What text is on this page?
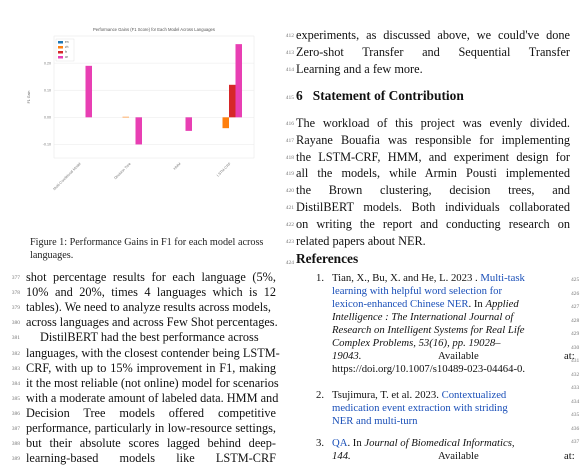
Performance Gains (F1 Score) for Each Model Across Languages
F1 Gain
-0.10
0.00
0.10
0.20
Multi-Conditional Model	Decision Tree	HMM	LSTM-CRF
en
zh
fr
ar
Figure 1: Performance Gains in F1 for each model across languages.
377 shot percentage results for each language (5%,
378 10% and 20%, times 4 languages which is 12
379 tables). We need to analyze results across models,
380 across languages and across Few Shot percentages.
381 DistilBERT had the best performance across
382 languages, with the closest contender being LSTM-
383 CRF, with up to 15% improvement in F1, making
384 it the most reliable (not online) model for scenarios
385 with a moderate amount of labeled data. HMM and
386 Decision Tree models offered competitive
387 performance, particularly in low-resource settings,
388 but their absolute scores lagged behind deep-
389 learning-based models like LSTM-CRF
412 experiments, as discussed above, we could've done
413 Zero-shot Transfer and Sequential Transfer
414 Learning and a few more.
415 6 Statement of Contribution
416 The workload of this project was evenly divided.
417 Rayane Bouafia was responsible for implementing
418 the LSTM-CRF, HMM, and experiment design for
419 all the models, while Armin Pousti implemented
420 the Brown clustering, decision trees, and
421 DistilBERT models. Both individuals collaborated
422 on writing the report and conducting research on
423 related papers about NER.
424 References
425
426
427
428
429
430
431
432
433
434
435
436
437
1. Tian, X., Bu, X. and He, L. 2023 . Multi-task
learning with helpful word selection for
lexicon-enhanced Chinese NER. In Applied
Intelligence : The International Journal of
Research on Intelligent Systems for Real Life
Complex Problems, 53(16), pp. 19028–
19043.	Available	at:
https://doi.org/10.1007/s10489-023-04464-0.
2. Tsujimura, T. et al. 2023. Contextualized
medication event extraction with striding
NER and multi-turn
3. QA. In Journal of Biomedical Informatics,
144.	Available	at:
